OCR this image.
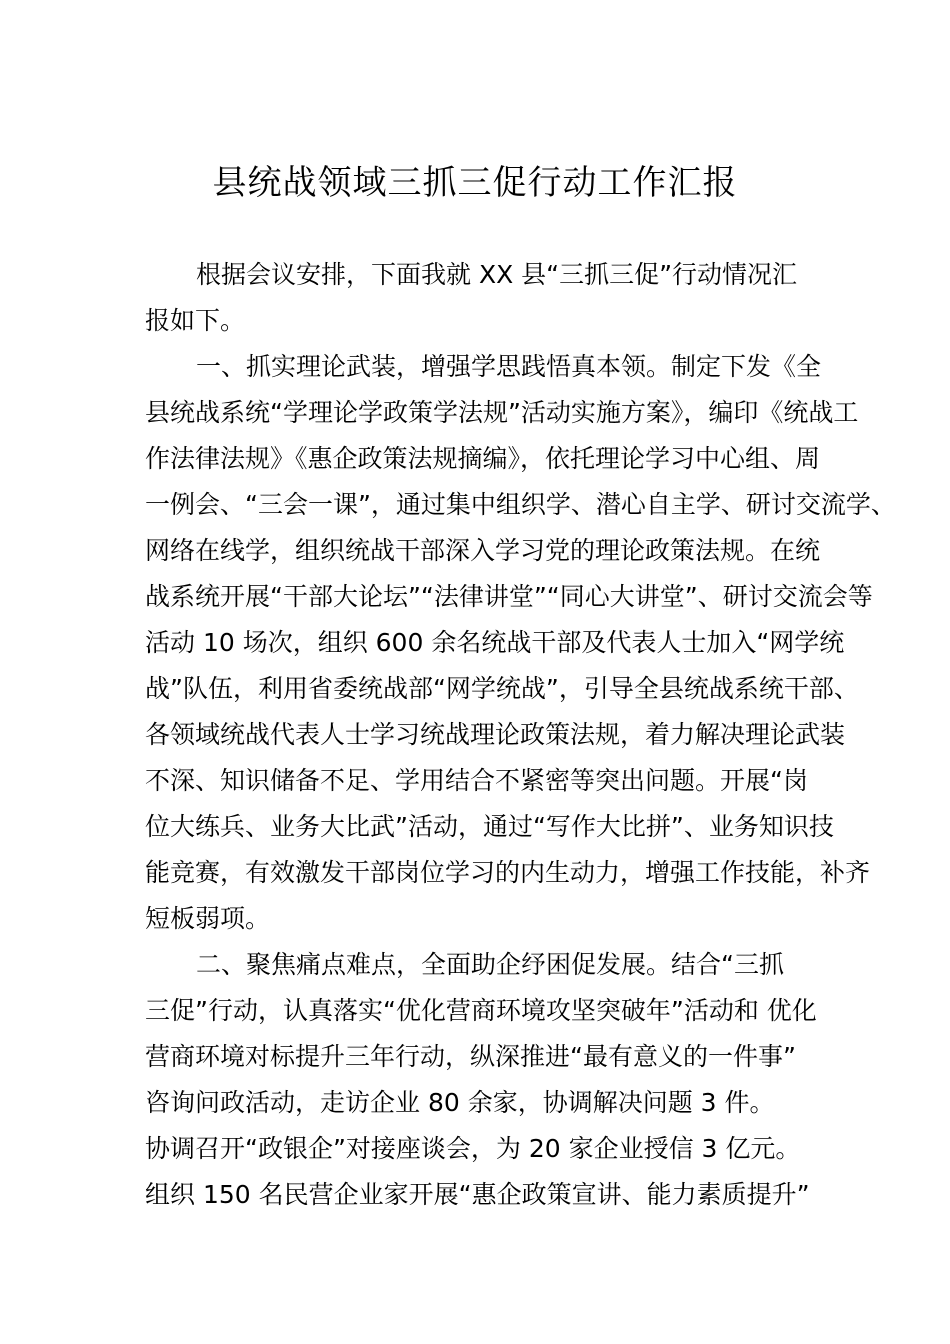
县统战领域三抓三促行动工作汇报
根据会议安排，下面我就 XX 县“三抓三促”行动情况汇
报如下。
一、抓实理论武装，增强学思践悟真本领。制定下发《全
县统战系统“学理论学政策学法规”活动实施方案》，编印《统战工
作法律法规》《惠企政策法规摘编》，依托理论学习中心组、周
一例会、“三会一课”，通过集中组织学、潜心自主学、研讨交流学、
网络在线学，组织统战干部深入学习党的理论政策法规。在统
战系统开展“干部大论坛”“法律讲堂”“同心大讲堂”、研讨交流会等
活动 10 场次，组织 600 余名统战干部及代表人士加入“网学统
战”队伍，利用省委统战部“网学统战”，引导全县统战系统干部、
各领域统战代表人士学习统战理论政策法规，着力解决理论武装
不深、知识储备不足、学用结合不紧密等突出问题。开展“岗
位大练兵、业务大比武”活动，通过“写作大比拼”、业务知识技
能竞赛，有效激发干部岗位学习的内生动力，增强工作技能，补齐
短板弱项。
二、聚焦痛点难点，全面助企纾困促发展。结合“三抓
三促”行动，认真落实“优化营商环境攻坚突破年”活动和 优化
营商环境对标提升三年行动，纵深推进“最有意义的一件事”
咨询问政活动，走访企业 80 余家，协调解决问题 3 件。
协调召开“政银企”对接座谈会，为 20 家企业授信 3 亿元。
组织 150 名民营企业家开展“惠企政策宣讲、能力素质提升”
